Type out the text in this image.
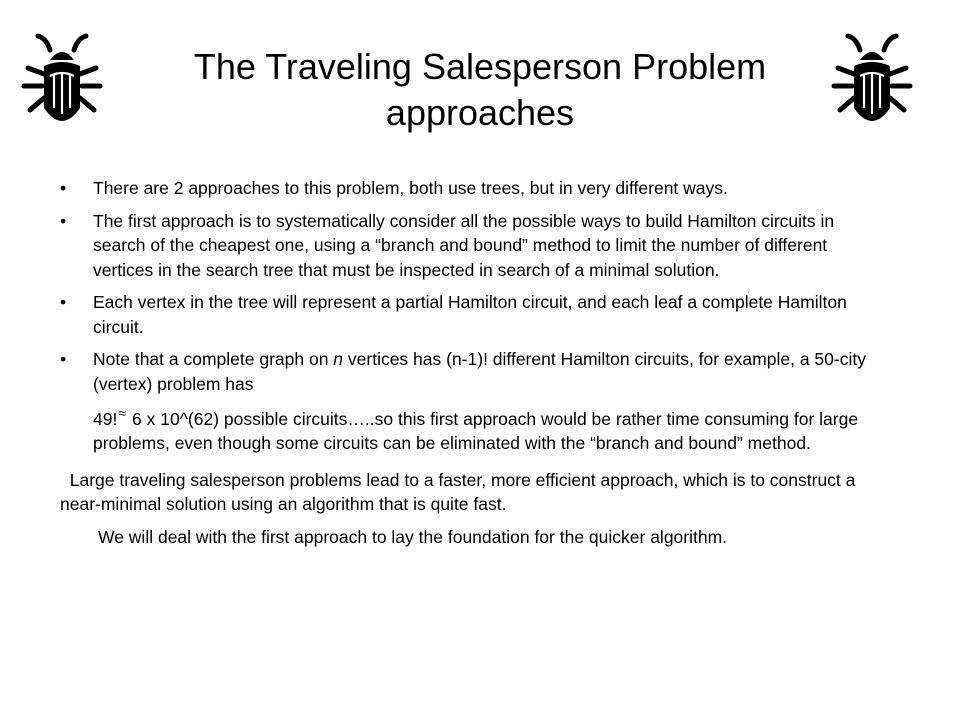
The Traveling Salesperson Problem approaches
• There are 2 approaches to this problem, both use trees, but in very different ways.
• The first approach is to systematically consider all the possible ways to build Hamilton circuits in search of the cheapest one, using a “branch and bound” method to limit the number of different vertices in the search tree that must be inspected in search of a minimal solution.
• Each vertex in the tree will represent a partial Hamilton circuit, and each leaf a complete Hamilton circuit.
• Note that a complete graph on n vertices has (n-1)! different Hamilton circuits, for example, a 50-city (vertex) problem has
49!≈ 6 x 10^(62) possible circuits…..so this first approach would be rather time consuming for large problems, even though some circuits can be eliminated with the “branch and bound” method.
Large traveling salesperson problems lead to a faster, more efficient approach, which is to construct a near-minimal solution using an algorithm that is quite fast.
We will deal with the first approach to lay the foundation for the quicker algorithm.
